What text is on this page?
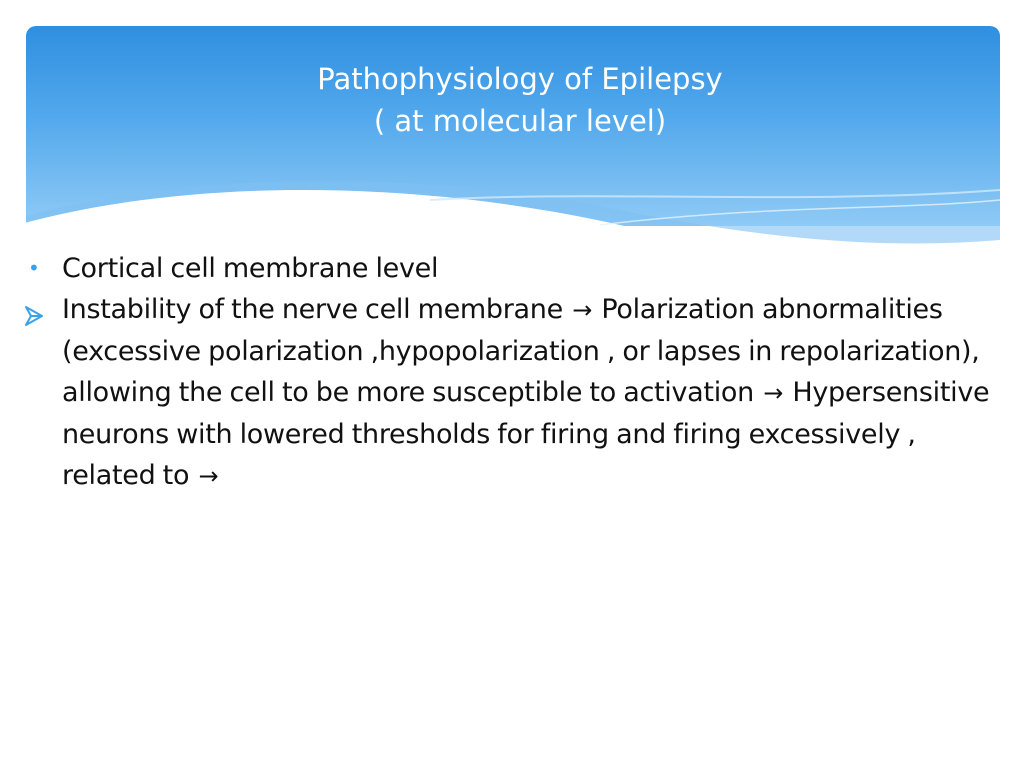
Pathophysiology of Epilepsy
( at molecular level)
• Cortical cell membrane level
Instability of the nerve cell membrane → Polarization abnormalities (excessive polarization ,hypopolarization , or lapses in repolarization), allowing the cell to be more susceptible to activation → Hypersensitive neurons with lowered thresholds for firing and firing excessively , related to →
